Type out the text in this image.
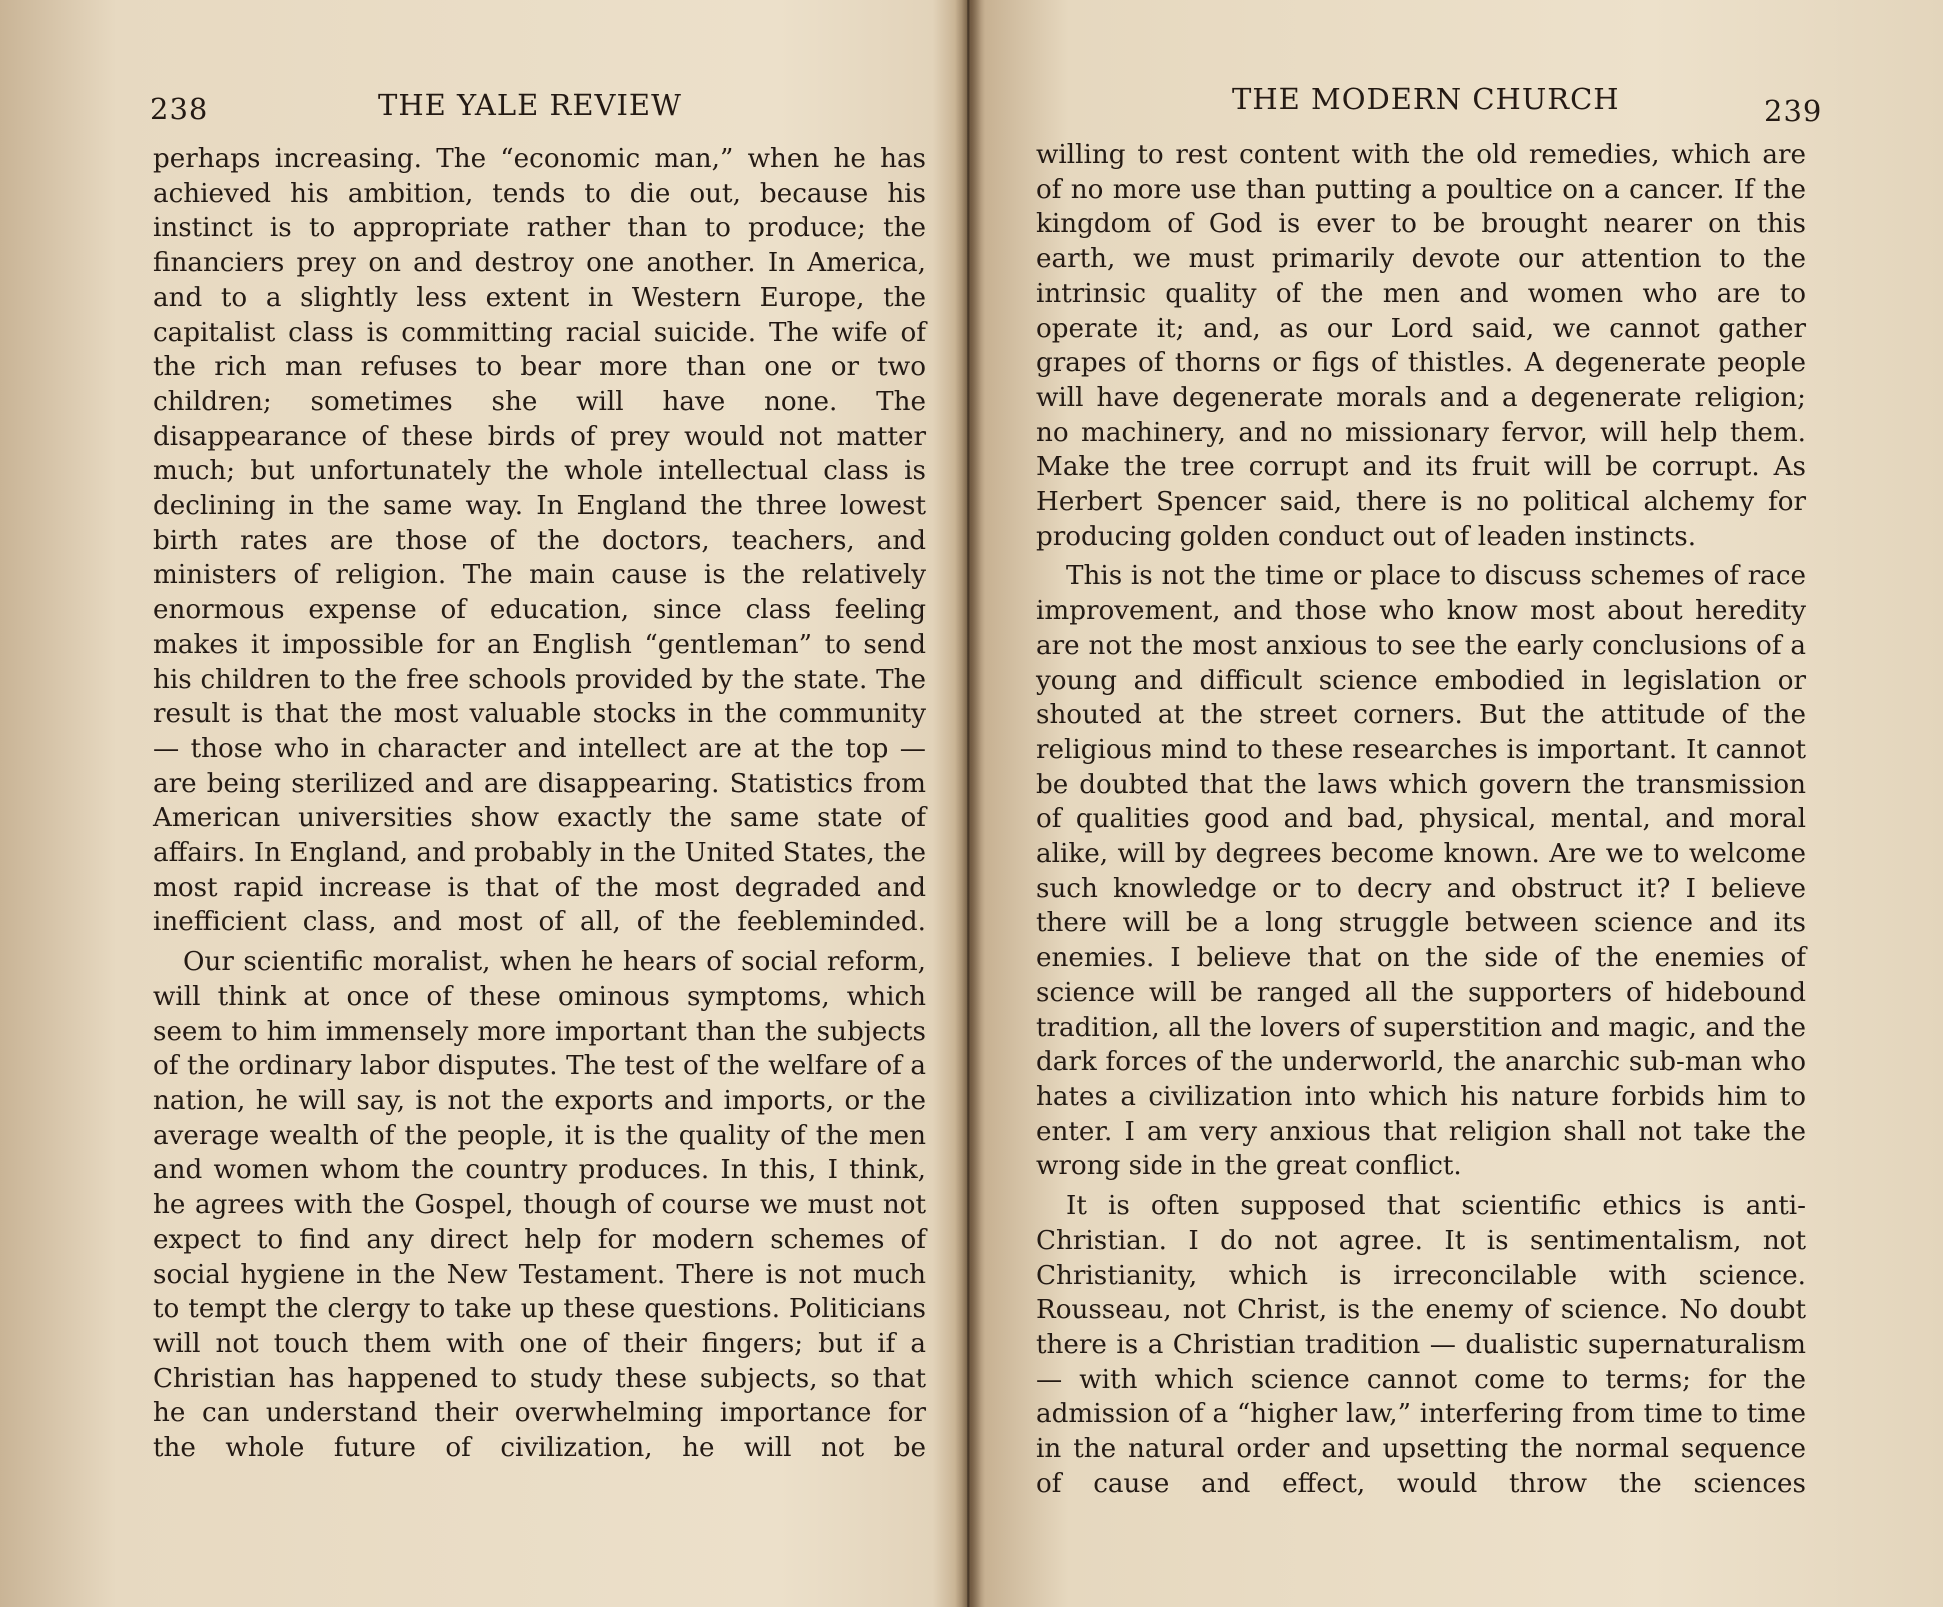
238	THE YALE REVIEW

perhaps increasing. The “economic man,” when he has achieved his ambition, tends to die out, because his instinct is to appropriate rather than to produce; the financiers prey on and destroy one another. In America, and to a slightly less extent in Western Europe, the capitalist class is committing racial suicide. The wife of the rich man refuses to bear more than one or two children; sometimes she will have none. The disappearance of these birds of prey would not matter much; but unfortunately the whole intellectual class is declining in the same way. In England the three lowest birth rates are those of the doctors, teachers, and ministers of religion. The main cause is the relatively enormous expense of education, since class feeling makes it impossible for an English “gentleman” to send his children to the free schools provided by the state. The result is that the most valuable stocks in the community — those who in character and intellect are at the top — are being sterilized and are disappearing. Statistics from American universities show exactly the same state of affairs. In England, and probably in the United States, the most rapid increase is that of the most degraded and inefficient class, and most of all, of the feebleminded.

Our scientific moralist, when he hears of social reform, will think at once of these ominous symptoms, which seem to him immensely more important than the subjects of the ordinary labor disputes. The test of the welfare of a nation, he will say, is not the exports and imports, or the average wealth of the people, it is the quality of the men and women whom the country produces. In this, I think, he agrees with the Gospel, though of course we must not expect to find any direct help for modern schemes of social hygiene in the New Testament. There is not much to tempt the clergy to take up these questions. Politicians will not touch them with one of their fingers; but if a Christian has happened to study these subjects, so that he can understand their overwhelming importance for the whole future of civilization, he will not be

THE MODERN CHURCH	239

willing to rest content with the old remedies, which are of no more use than putting a poultice on a cancer. If the kingdom of God is ever to be brought nearer on this earth, we must primarily devote our attention to the intrinsic quality of the men and women who are to operate it; and, as our Lord said, we cannot gather grapes of thorns or figs of thistles. A degenerate people will have degenerate morals and a degenerate religion; no machinery, and no missionary fervor, will help them. Make the tree corrupt and its fruit will be corrupt. As Herbert Spencer said, there is no political alchemy for producing golden conduct out of leaden instincts.

This is not the time or place to discuss schemes of race improvement, and those who know most about heredity are not the most anxious to see the early conclusions of a young and difficult science embodied in legislation or shouted at the street corners. But the attitude of the religious mind to these researches is important. It cannot be doubted that the laws which govern the transmission of qualities good and bad, physical, mental, and moral alike, will by degrees become known. Are we to welcome such knowledge or to decry and obstruct it? I believe there will be a long struggle between science and its enemies. I believe that on the side of the enemies of science will be ranged all the supporters of hidebound tradition, all the lovers of superstition and magic, and the dark forces of the underworld, the anarchic sub-man who hates a civilization into which his nature forbids him to enter. I am very anxious that religion shall not take the wrong side in the great conflict.

It is often supposed that scientific ethics is anti-Christian. I do not agree. It is sentimentalism, not Christianity, which is irreconcilable with science. Rousseau, not Christ, is the enemy of science. No doubt there is a Christian tradition — dualistic supernaturalism — with which science cannot come to terms; for the admission of a “higher law,” interfering from time to time in the natural order and upsetting the normal sequence of cause and effect, would throw the sciences
